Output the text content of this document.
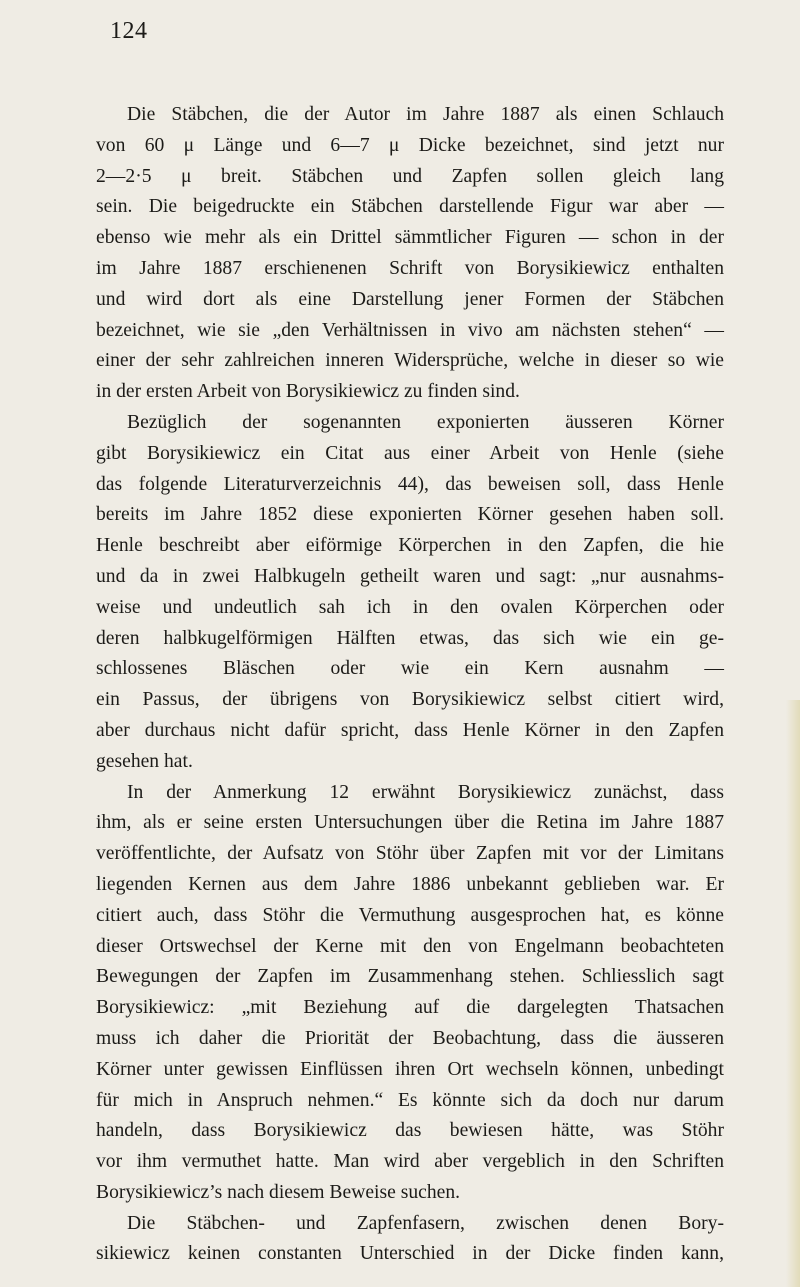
124
Die Stäbchen, die der Autor im Jahre 1887 als einen Schlauch
von 60 μ Länge und 6—7 μ Dicke bezeichnet, sind jetzt nur
2—2·5 μ breit. Stäbchen und Zapfen sollen gleich lang
sein. Die beigedruckte ein Stäbchen darstellende Figur war aber —
ebenso wie mehr als ein Drittel sämmtlicher Figuren — schon in der
im Jahre 1887 erschienenen Schrift von Borysikiewicz enthalten
und wird dort als eine Darstellung jener Formen der Stäbchen
bezeichnet, wie sie „den Verhältnissen in vivo am nächsten stehen“ —
einer der sehr zahlreichen inneren Widersprüche, welche in dieser so wie
in der ersten Arbeit von Borysikiewicz zu finden sind.
Bezüglich der sogenannten exponierten äusseren Körner
gibt Borysikiewicz ein Citat aus einer Arbeit von Henle (siehe
das folgende Literaturverzeichnis 44), das beweisen soll, dass Henle
bereits im Jahre 1852 diese exponierten Körner gesehen haben soll.
Henle beschreibt aber eiförmige Körperchen in den Zapfen, die hie
und da in zwei Halbkugeln getheilt waren und sagt: „nur ausnahms-
weise und undeutlich sah ich in den ovalen Körperchen oder
deren halbkugelförmigen Hälften etwas, das sich wie ein ge-
schlossenes Bläschen oder wie ein Kern ausnahm —
ein Passus, der übrigens von Borysikiewicz selbst citiert wird,
aber durchaus nicht dafür spricht, dass Henle Körner in den Zapfen
gesehen hat.
In der Anmerkung 12 erwähnt Borysikiewicz zunächst, dass
ihm, als er seine ersten Untersuchungen über die Retina im Jahre 1887
veröffentlichte, der Aufsatz von Stöhr über Zapfen mit vor der Limitans
liegenden Kernen aus dem Jahre 1886 unbekannt geblieben war. Er
citiert auch, dass Stöhr die Vermuthung ausgesprochen hat, es könne
dieser Ortswechsel der Kerne mit den von Engelmann beobachteten
Bewegungen der Zapfen im Zusammenhang stehen. Schliesslich sagt
Borysikiewicz: „mit Beziehung auf die dargelegten Thatsachen
muss ich daher die Priorität der Beobachtung, dass die äusseren
Körner unter gewissen Einflüssen ihren Ort wechseln können, unbedingt
für mich in Anspruch nehmen.“ Es könnte sich da doch nur darum
handeln, dass Borysikiewicz das bewiesen hätte, was Stöhr
vor ihm vermuthet hatte. Man wird aber vergeblich in den Schriften
Borysikiewicz’s nach diesem Beweise suchen.
Die Stäbchen- und Zapfenfasern, zwischen denen Bory-
sikiewicz keinen constanten Unterschied in der Dicke finden kann,
